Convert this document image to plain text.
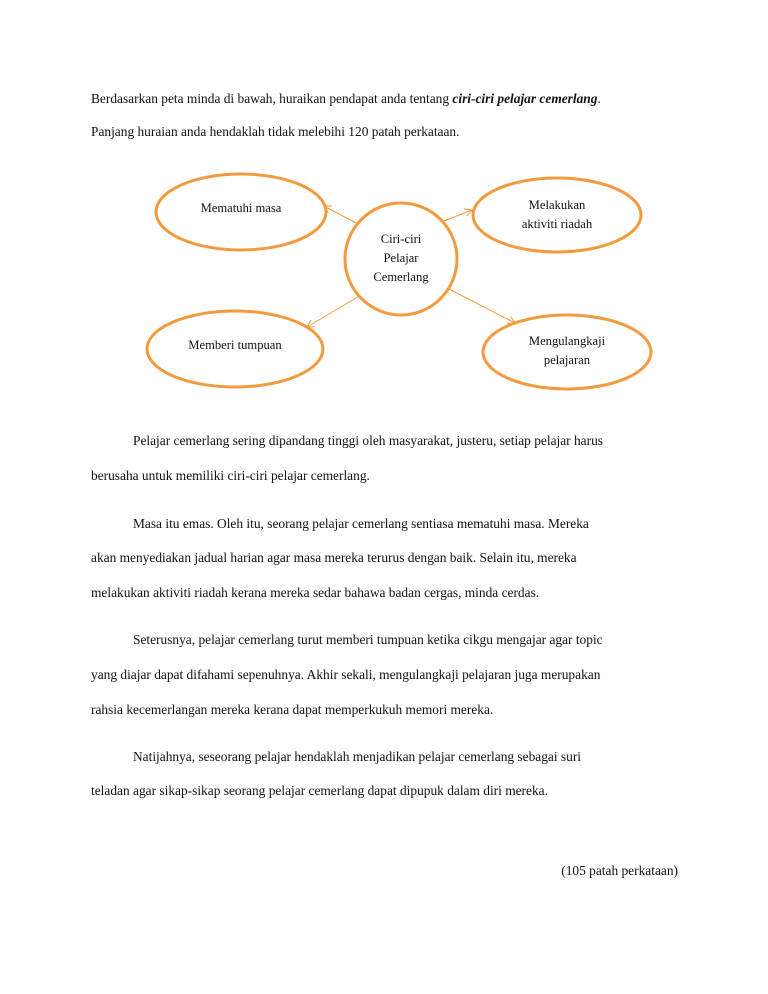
Berdasarkan peta minda di bawah, huraikan pendapat anda tentang ciri-ciri pelajar cemerlang.
Panjang huraian anda hendaklah tidak melebihi 120 patah perkataan.
Ciri-ciri
Pelajar
Cemerlang
Mematuhi masa	Melakukan
aktiviti riadah
Memberi tumpuan	Mengulangkaji
pelajaran
Pelajar cemerlang sering dipandang tinggi oleh masyarakat, justeru, setiap pelajar harus
berusaha untuk memiliki ciri-ciri pelajar cemerlang.
Masa itu emas. Oleh itu, seorang pelajar cemerlang sentiasa mematuhi masa. Mereka
akan menyediakan jadual harian agar masa mereka terurus dengan baik. Selain itu, mereka
melakukan aktiviti riadah kerana mereka sedar bahawa badan cergas, minda cerdas.
Seterusnya, pelajar cemerlang turut memberi tumpuan ketika cikgu mengajar agar topic
yang diajar dapat difahami sepenuhnya. Akhir sekali, mengulangkaji pelajaran juga merupakan
rahsia kecemerlangan mereka kerana dapat memperkukuh memori mereka.
Natijahnya, seseorang pelajar hendaklah menjadikan pelajar cemerlang sebagai suri
teladan agar sikap-sikap seorang pelajar cemerlang dapat dipupuk dalam diri mereka.
(105 patah perkataan)
